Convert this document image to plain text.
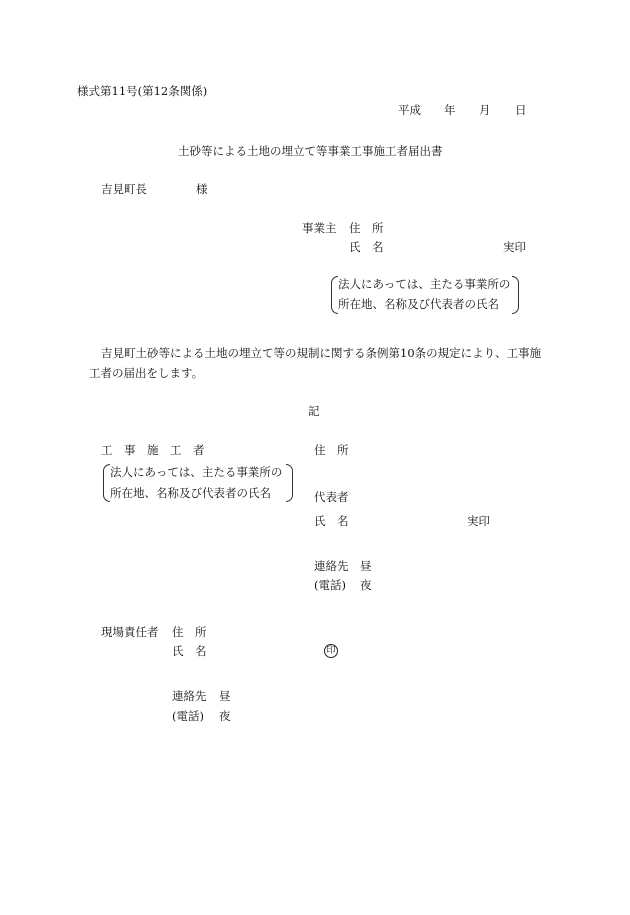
様式第11号(第12条関係)
平成 年 月 日
土砂等による土地の埋立て等事業工事施工者届出書
吉見町長	様
事業主 住　所
氏　名	実印
法人にあっては、主たる事業所の
所在地、名称及び代表者の氏名
吉見町土砂等による土地の埋立て等の規制に関する条例第10条の規定により、工事施
工者の届出をします。
記
工　事　施　工　者	住　所
法人にあっては、主たる事業所の
所在地、名称及び代表者の氏名	代表者
氏　名	実印
連絡先 昼
(電話) 夜
現場責任者 住　所
氏　名	印
連絡先 昼
(電話) 夜
